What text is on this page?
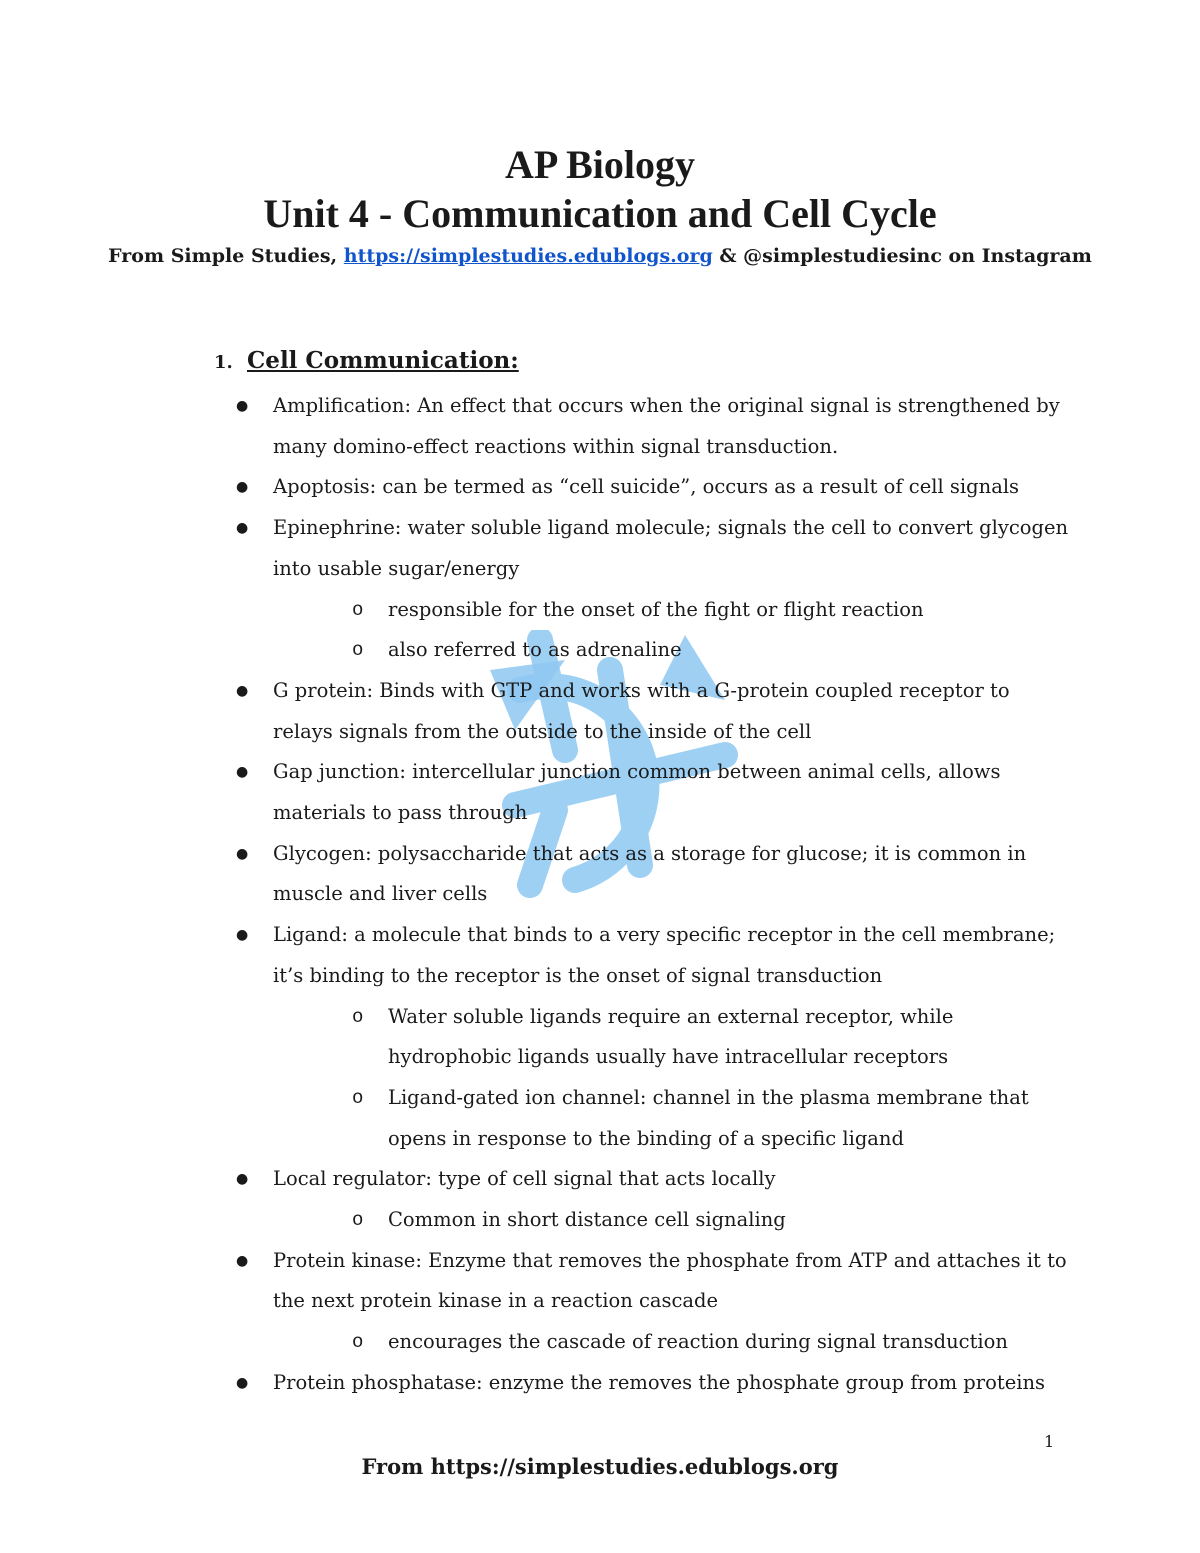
AP Biology
Unit 4 - Communication and Cell Cycle
From Simple Studies, https://simplestudies.edublogs.org & @simplestudiesinc on Instagram
1. Cell Communication:
● Amplification: An effect that occurs when the original signal is strengthened by many domino-effect reactions within signal transduction.
● Apoptosis: can be termed as “cell suicide”, occurs as a result of cell signals
● Epinephrine: water soluble ligand molecule; signals the cell to convert glycogen into usable sugar/energy
o responsible for the onset of the fight or flight reaction
o also referred to as adrenaline
● G protein: Binds with GTP and works with a G-protein coupled receptor to relays signals from the outside to the inside of the cell
● Gap junction: intercellular junction common between animal cells, allows materials to pass through
● Glycogen: polysaccharide that acts as a storage for glucose; it is common in muscle and liver cells
● Ligand: a molecule that binds to a very specific receptor in the cell membrane; it’s binding to the receptor is the onset of signal transduction
o Water soluble ligands require an external receptor, while hydrophobic ligands usually have intracellular receptors
o Ligand-gated ion channel: channel in the plasma membrane that opens in response to the binding of a specific ligand
● Local regulator: type of cell signal that acts locally
o Common in short distance cell signaling
● Protein kinase: Enzyme that removes the phosphate from ATP and attaches it to the next protein kinase in a reaction cascade
o encourages the cascade of reaction during signal transduction
● Protein phosphatase: enzyme the removes the phosphate group from proteins
1
From https://simplestudies.edublogs.org
